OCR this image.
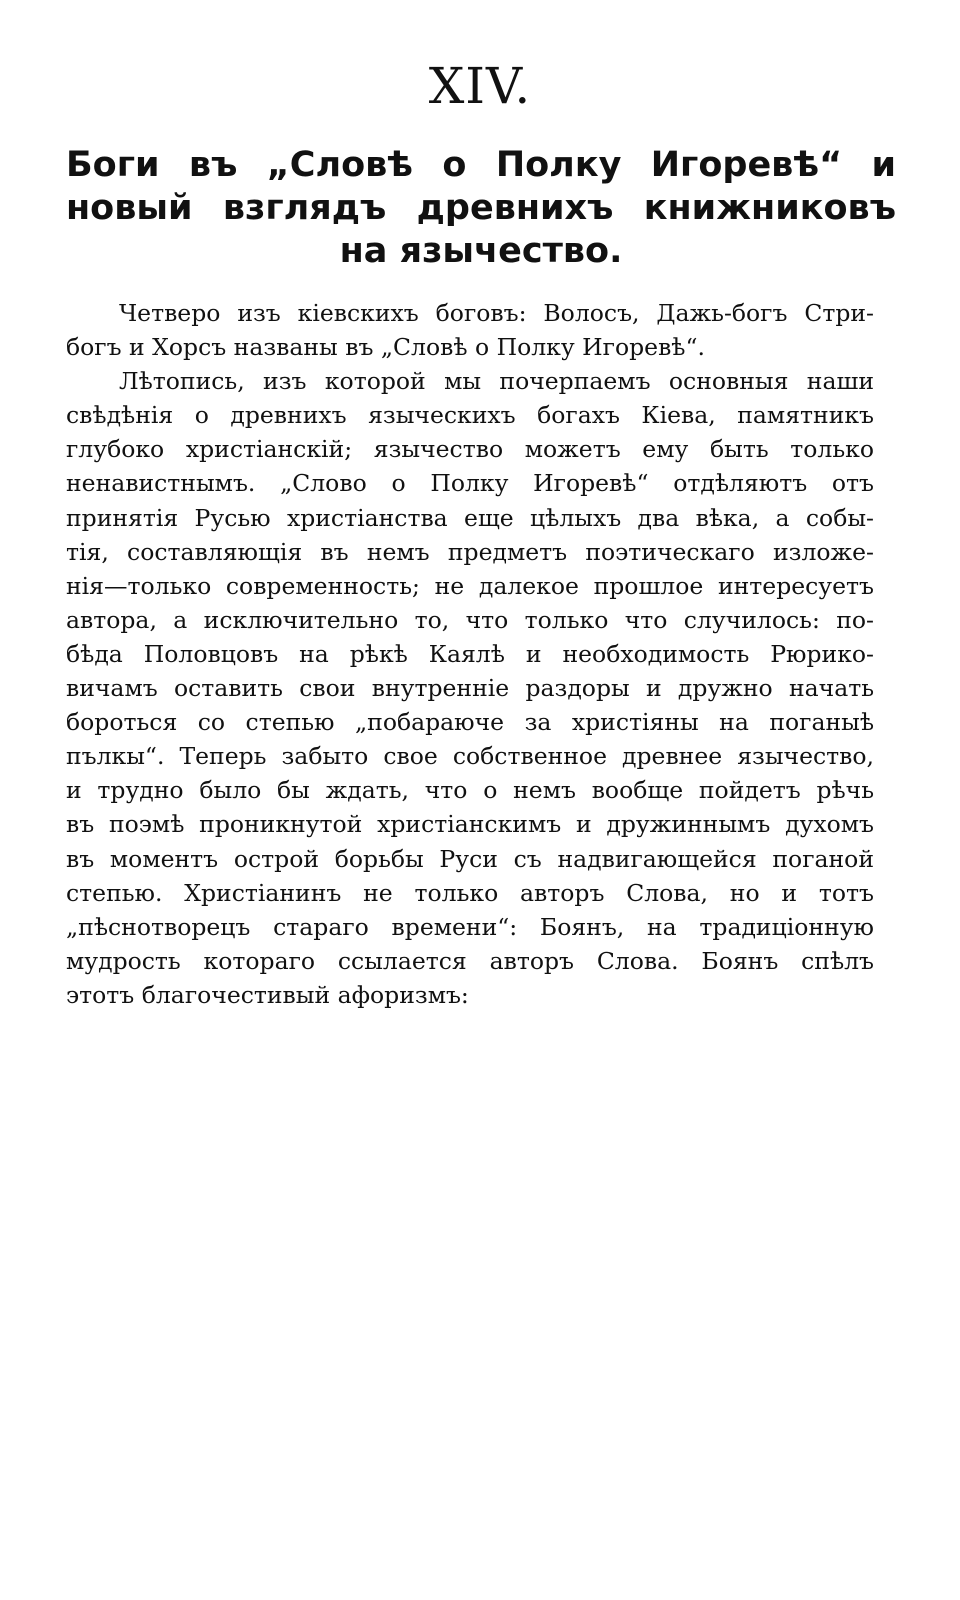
XIV.
Боги въ „Словѣ о Полку Игоревѣ“ и
новый взглядъ древнихъ книжниковъ
на язычество.
Четверо изъ кіевскихъ боговъ: Волосъ, Дажь-богъ Стри-
богъ и Хорсъ названы въ „Словѣ о Полку Игоревѣ“.
Лѣтопись, изъ которой мы почерпаемъ основныя наши
свѣдѣнія о древнихъ языческихъ богахъ Кіева, памятникъ
глубоко христіанскій; язычество можетъ ему быть только
ненавистнымъ. „Слово о Полку Игоревѣ“ отдѣляютъ отъ
принятія Русью христіанства еще цѣлыхъ два вѣка, а собы-
тія, составляющія въ немъ предметъ поэтическаго изложе-
нія—только современность; не далекое прошлое интересуетъ
автора, а исключительно то, что только что случилось: по-
бѣда Половцовъ на рѣкѣ Каялѣ и необходимость Рюрико-
вичамъ оставить свои внутренніе раздоры и дружно начать
бороться со степью „побараюче за христіяны на поганыѣ
пълкы“. Теперь забыто свое собственное древнее язычество,
и трудно было бы ждать, что о немъ вообще пойдетъ рѣчь
въ поэмѣ проникнутой христіанскимъ и дружиннымъ духомъ
въ моментъ острой борьбы Руси съ надвигающейся поганой
степью. Христіанинъ не только авторъ Слова, но и тотъ
„пѣснотворецъ стараго времени“: Боянъ, на традиціонную
мудрость котораго ссылается авторъ Слова. Боянъ спѣлъ
этотъ благочестивый афоризмъ:
